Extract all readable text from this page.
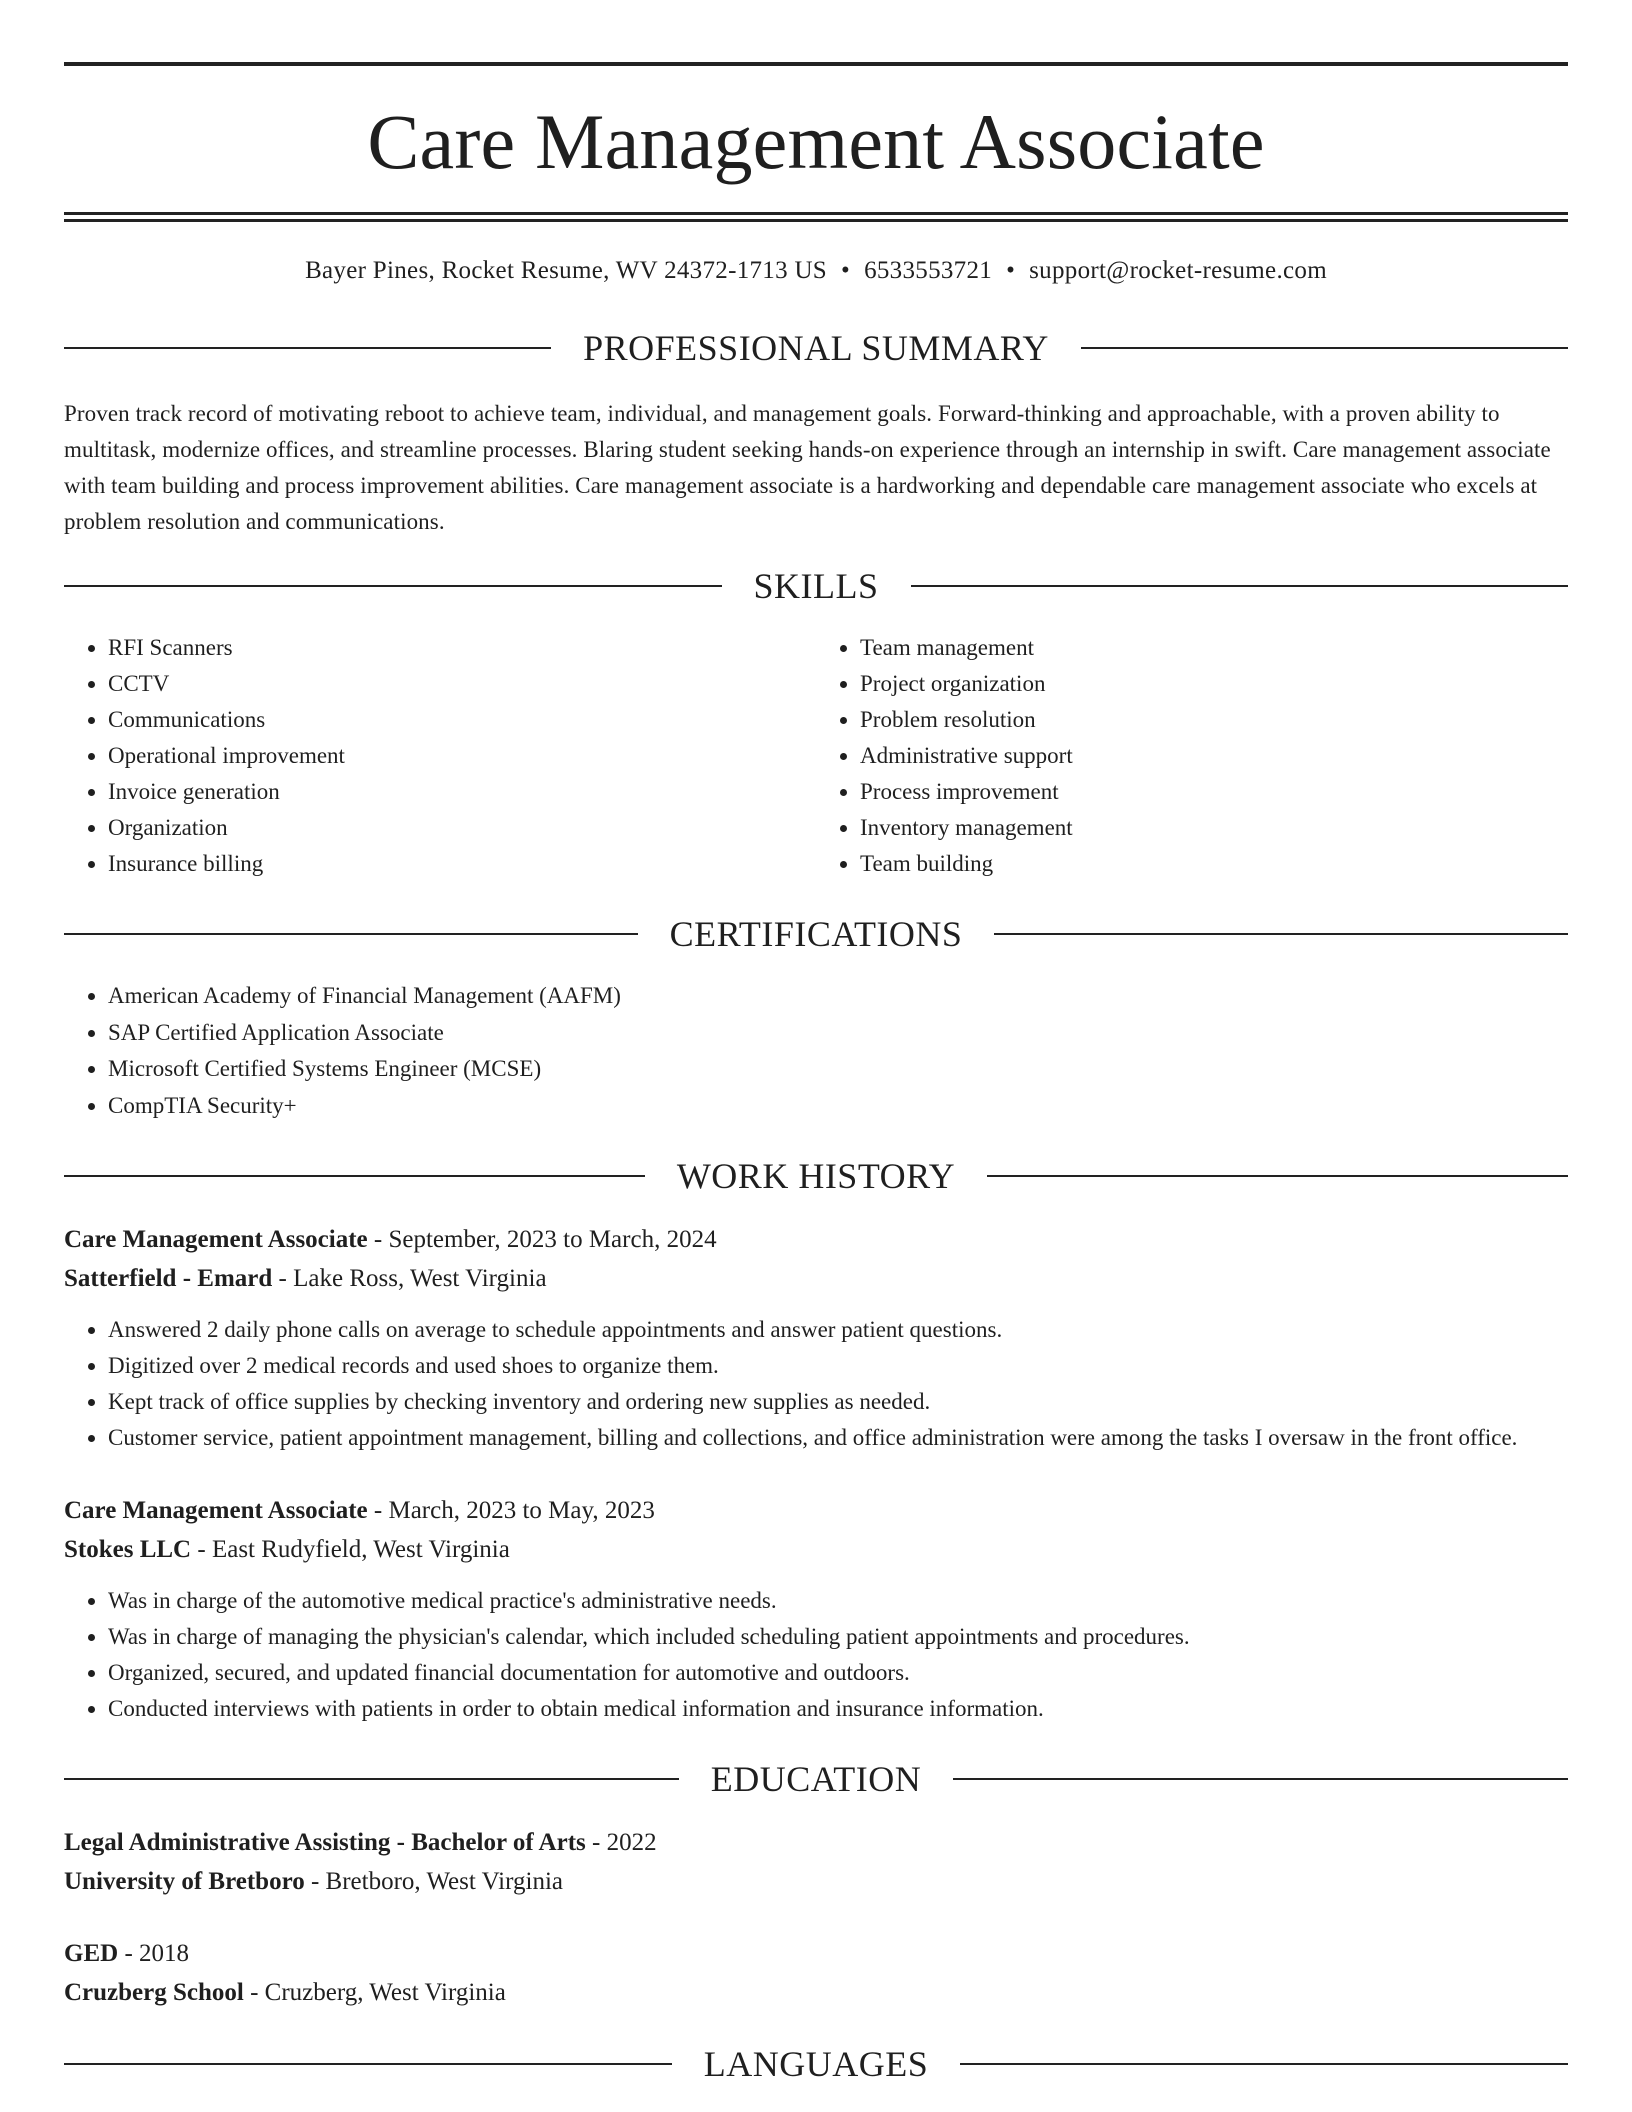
Care Management Associate
Bayer Pines, Rocket Resume, WV 24372-1713 US • 6533553721 • support@rocket-resume.com
PROFESSIONAL SUMMARY

Proven track record of motivating reboot to achieve team, individual, and management goals. Forward-thinking and approachable, with a proven ability to multitask, modernize offices, and streamline processes. Blaring student seeking hands-on experience through an internship in swift. Care management associate with team building and process improvement abilities. Care management associate is a hardworking and dependable care management associate who excels at problem resolution and communications.

SKILLS
• RFI Scanners
• CCTV
• Communications
• Operational improvement
• Invoice generation
• Organization
• Insurance billing
• Team management
• Project organization
• Problem resolution
• Administrative support
• Process improvement
• Inventory management
• Team building
CERTIFICATIONS
• American Academy of Financial Management (AAFM)
• SAP Certified Application Associate
• Microsoft Certified Systems Engineer (MCSE)
• CompTIA Security+
WORK HISTORY
Care Management Associate - September, 2023 to March, 2024
Satterfield - Emard - Lake Ross, West Virginia
• Answered 2 daily phone calls on average to schedule appointments and answer patient questions.
• Digitized over 2 medical records and used shoes to organize them.
• Kept track of office supplies by checking inventory and ordering new supplies as needed.
• Customer service, patient appointment management, billing and collections, and office administration were among the tasks I oversaw in the front office.
Care Management Associate - March, 2023 to May, 2023
Stokes LLC - East Rudyfield, West Virginia
• Was in charge of the automotive medical practice's administrative needs.
• Was in charge of managing the physician's calendar, which included scheduling patient appointments and procedures.
• Organized, secured, and updated financial documentation for automotive and outdoors.
• Conducted interviews with patients in order to obtain medical information and insurance information.
EDUCATION
Legal Administrative Assisting - Bachelor of Arts - 2022
University of Bretboro - Bretboro, West Virginia
GED - 2018
Cruzberg School - Cruzberg, West Virginia
LANGUAGES
